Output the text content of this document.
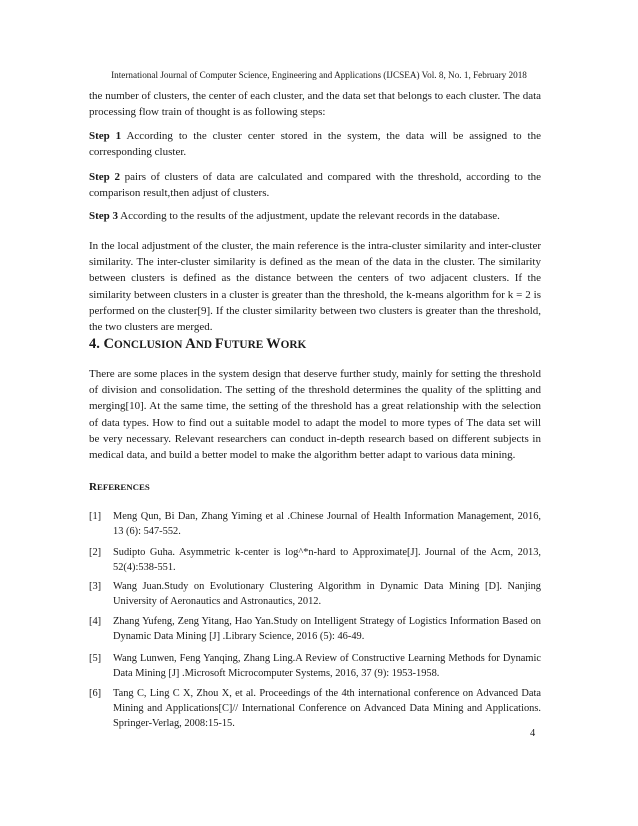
International Journal of Computer Science, Engineering and Applications (IJCSEA) Vol. 8, No. 1, February 2018

the number of clusters, the center of each cluster, and the data set that belongs to each cluster. The data processing flow train of thought is as following steps:

Step 1 According to the cluster center stored in the system, the data will be assigned to the corresponding cluster.

Step 2 pairs of clusters of data are calculated and compared with the threshold, according to the comparison result,then adjust of clusters.

Step 3 According to the results of the adjustment, update the relevant records in the database.

In the local adjustment of the cluster, the main reference is the intra-cluster similarity and inter-cluster similarity. The inter-cluster similarity is defined as the mean of the data in the cluster. The similarity between clusters is defined as the distance between the centers of two adjacent clusters. If the similarity between clusters in a cluster is greater than the threshold, the k-means algorithm for k = 2 is performed on the cluster[9]. If the cluster similarity between two clusters is greater than the threshold, the two clusters are merged.

4. CONCLUSION AND FUTURE WORK

There are some places in the system design that deserve further study, mainly for setting the threshold of division and consolidation. The setting of the threshold determines the quality of the splitting and merging[10]. At the same time, the setting of the threshold has a great relationship with the selection of data types. How to find out a suitable model to adapt the model to more types of The data set will be very necessary. Relevant researchers can conduct in-depth research based on different subjects in medical data, and build a better model to make the algorithm better adapt to various data mining.

REFERENCES
[1] Meng Qun, Bi Dan, Zhang Yiming et al .Chinese Journal of Health Information Management, 2016, 13 (6): 547-552.
[2] Sudipto Guha. Asymmetric k-center is log^*n-hard to Approximate[J]. Journal of the Acm, 2013, 52(4):538-551.
[3] Wang Juan.Study on Evolutionary Clustering Algorithm in Dynamic Data Mining [D]. Nanjing University of Aeronautics and Astronautics, 2012.
[4] Zhang Yufeng, Zeng Yitang, Hao Yan.Study on Intelligent Strategy of Logistics Information Based on Dynamic Data Mining [J] .Library Science, 2016 (5): 46-49.
[5] Wang Lunwen, Feng Yanqing, Zhang Ling.A Review of Constructive Learning Methods for Dynamic Data Mining [J] .Microsoft Microcomputer Systems, 2016, 37 (9): 1953-1958.
[6] Tang C, Ling C X, Zhou X, et al. Proceedings of the 4th international conference on Advanced Data Mining and Applications[C]// International Conference on Advanced Data Mining and Applications. Springer-Verlag, 2008:15-15.
4
